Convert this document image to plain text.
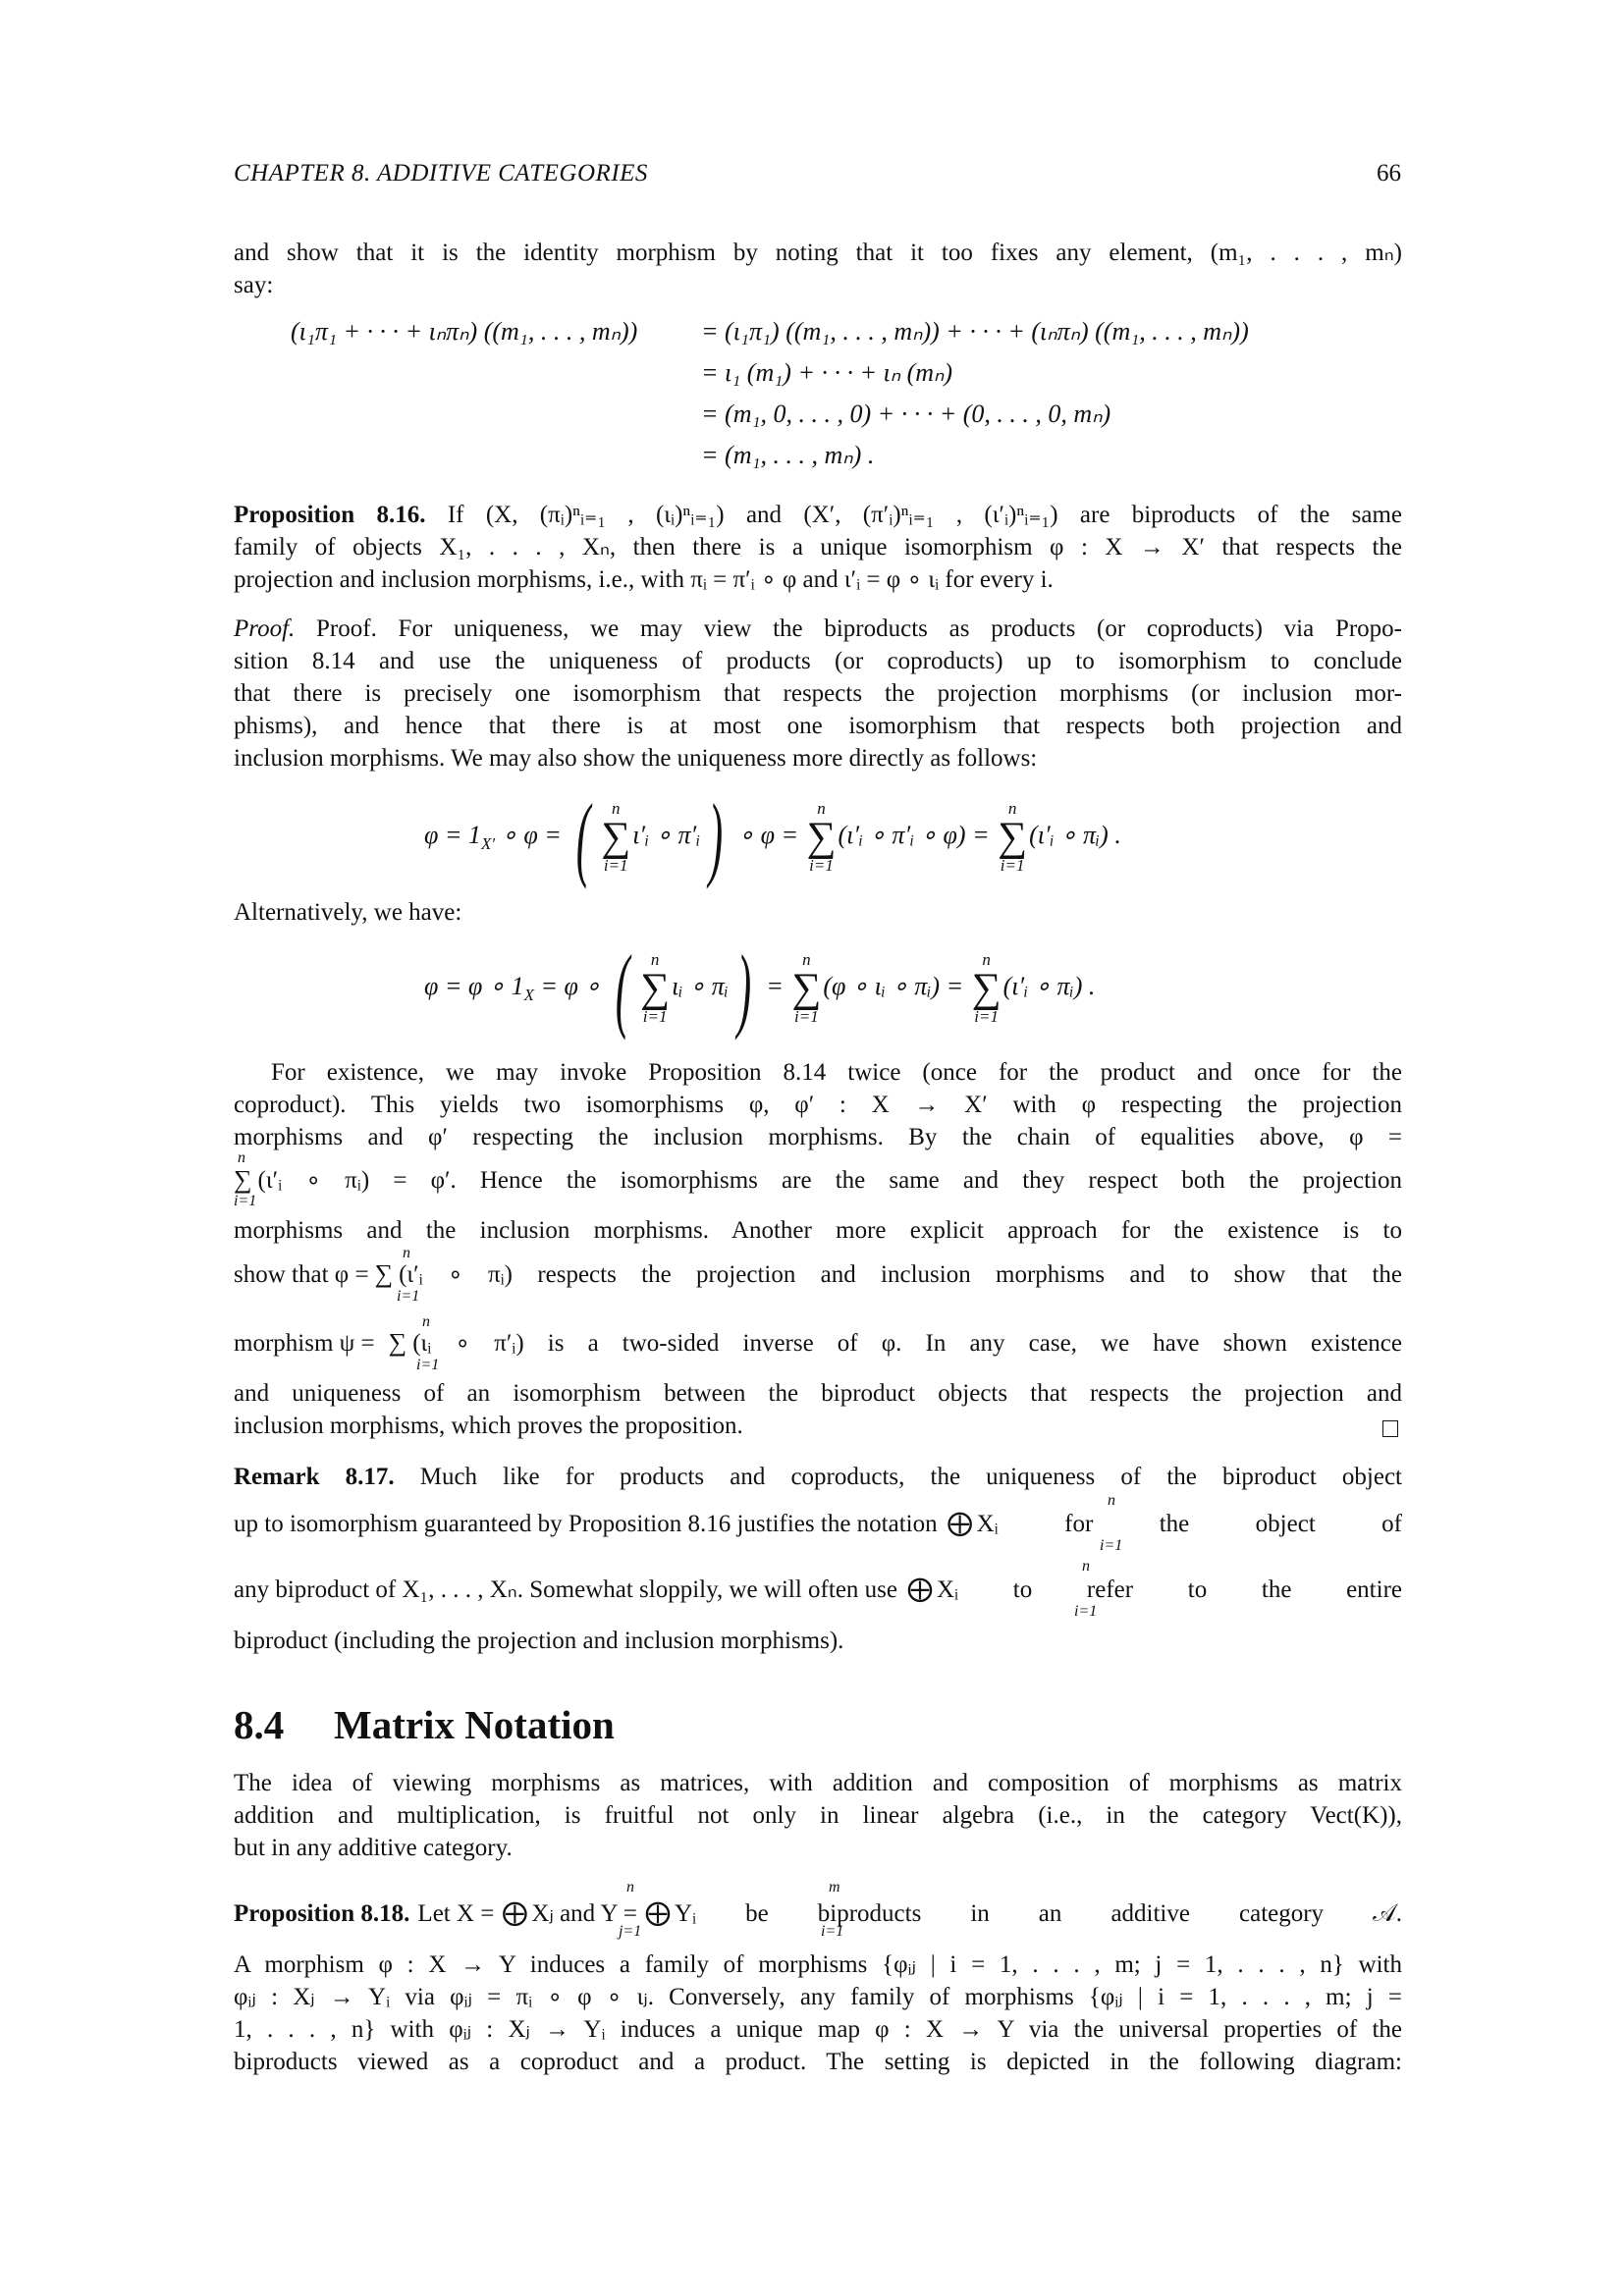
CHAPTER 8. ADDITIVE CATEGORIES	66
and show that it is the identity morphism by noting that it too fixes any element, (m₁, . . . , mₙ)
say:
(ι₁π₁ + · · · + ιₙπₙ) ((m₁, . . . , mₙ)) = (ι₁π₁) ((m₁, . . . , mₙ)) + · · · + (ιₙπₙ) ((m₁, . . . , mₙ))
= ι₁ (m₁) + · · · + ιₙ (mₙ)
= (m₁, 0, . . . , 0) + · · · + (0, . . . , 0, mₙ)
= (m₁, . . . , mₙ) .
Proposition 8.16. If (X, (πᵢ)ⁿᵢ₌₁ , (ιᵢ)ⁿᵢ₌₁) and (X′, (π′ᵢ)ⁿᵢ₌₁ , (ι′ᵢ)ⁿᵢ₌₁) are biproducts of the same
family of objects X₁, . . . , Xₙ, then there is a unique isomorphism φ : X → X′ that respects the
projection and inclusion morphisms, i.e., with πᵢ = π′ᵢ ∘ φ and ι′ᵢ = φ ∘ ιᵢ for every i.
Proof. Proof. For uniqueness, we may view the biproducts as products (or coproducts) via Propo-
sition 8.14 and use the uniqueness of products (or coproducts) up to isomorphism to conclude
that there is precisely one isomorphism that respects the projection morphisms (or inclusion mor-
phisms), and hence that there is at most one isomorphism that respects both projection and
inclusion morphisms. We may also show the uniqueness more directly as follows:
$\varphi = 1_{X'}$ ∘ φ = (	n
∑
i=1
ι′ᵢ ∘ π′ᵢ) ∘ φ =
n
∑
i=1
(ι′ᵢ ∘ π′ᵢ ∘ φ) =
n
∑
i=1
(ι′ᵢ ∘ πᵢ) .
Alternatively, we have:
φ = φ ∘ $1_X = \varphi$ ∘ (	n
∑
i=1
ιᵢ ∘ πᵢ) =
n
∑
i=1
(φ ∘ ιᵢ ∘ πᵢ) =
n
∑
i=1
(ι′ᵢ ∘ πᵢ) .
For existence, we may invoke Proposition 8.14 twice (once for the product and once for the
coproduct). This yields two isomorphisms φ, φ′ : X → X′ with φ respecting the projection
morphisms and φ′ respecting the inclusion morphisms. By the chain of equalities above, φ =
n
∑ (ι′ᵢ ∘ πᵢ) = φ′. Hence the isomorphisms are the same and they respect both the projection
i=1
morphisms and the inclusion morphisms. Another more explicit approach for the existence is to
n
show that φ = ∑ (ι′ᵢ ∘ πᵢ) respects the projection and inclusion morphisms and to show that the
i=1
n
morphism ψ = ∑ (ιᵢ ∘ π′ᵢ) is a two-sided inverse of φ. In any case, we have shown existence
i=1
and uniqueness of an isomorphism between the biproduct objects that respects the projection and
inclusion morphisms, which proves the proposition.
Remark 8.17. Much like for products and coproducts, the uniqueness of the biproduct object
n
up to isomorphism guaranteed by Proposition 8.16 justifies the notation ⨁ Xᵢ for the object of
i=1
n
any biproduct of X₁, . . . , Xₙ. Somewhat sloppily, we will often use ⨁ Xᵢ to refer to the entire
i=1
biproduct (including the projection and inclusion morphisms).
8.4 Matrix Notation
The idea of viewing morphisms as matrices, with addition and composition of morphisms as matrix
addition and multiplication, is fruitful not only in linear algebra (i.e., in the category Vect(K)),
but in any additive category.
n	m
Proposition 8.18. Let X = ⨁ Xⱼ and Y = ⨁ Yᵢ be biproducts in an additive category 𝒜.
j=1	i=1
A morphism φ : X → Y induces a family of morphisms {φᵢⱼ | i = 1, . . . , m; j = 1, . . . , n} with
φᵢⱼ : Xⱼ → Yᵢ via φᵢⱼ = πᵢ ∘ φ ∘ ιⱼ. Conversely, any family of morphisms {φᵢⱼ | i = 1, . . . , m; j =
1, . . . , n} with φᵢⱼ : Xⱼ → Yᵢ induces a unique map φ : X → Y via the universal properties of the
biproducts viewed as a coproduct and a product. The setting is depicted in the following diagram:
